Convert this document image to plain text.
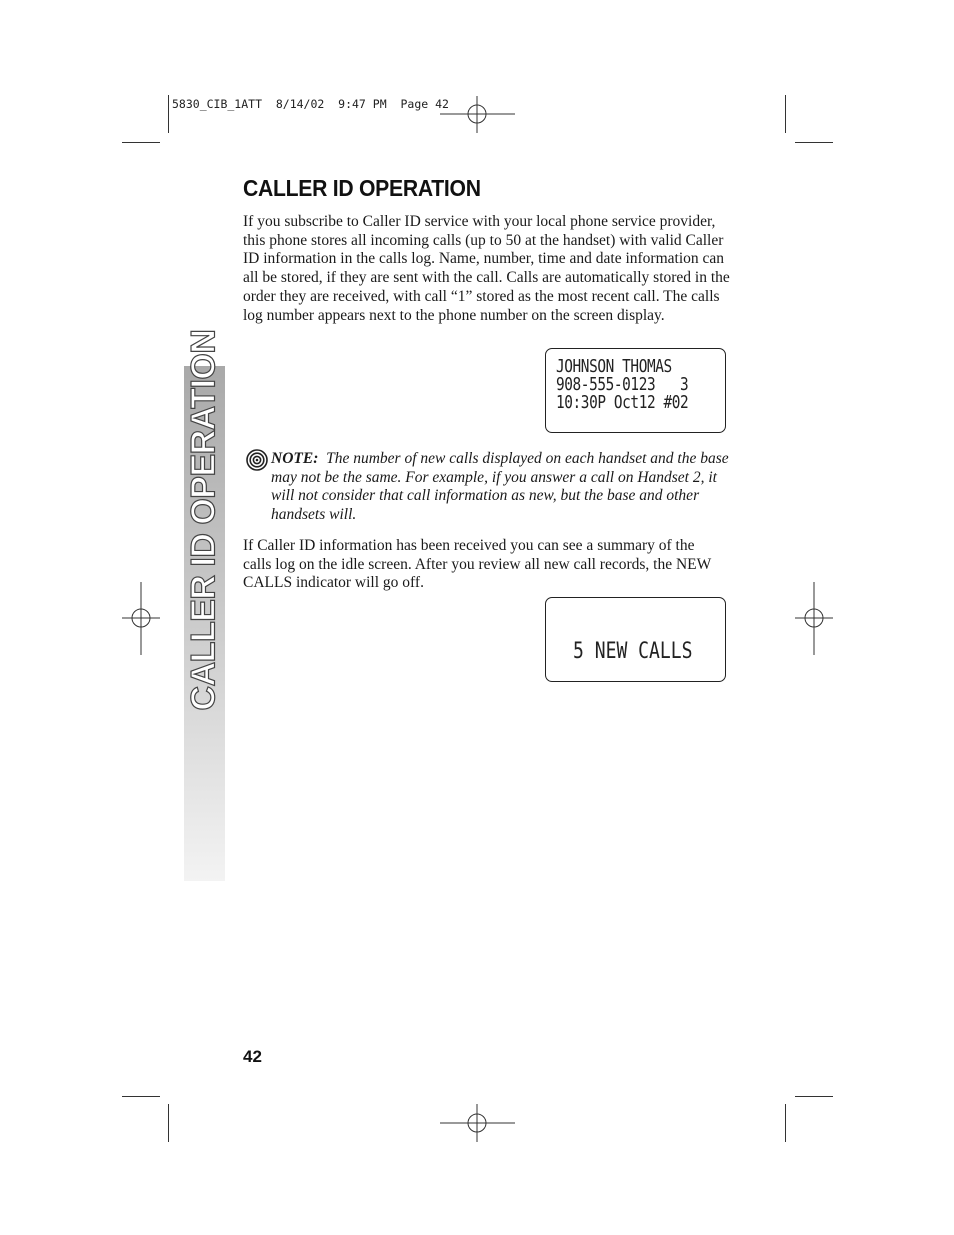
5830_CIB_1ATT  8/14/02  9:47 PM  Page 42
CALLER ID OPERATION
CALLER ID OPERATION
If you subscribe to Caller ID service with your local phone service provider, this phone stores all incoming calls (up to 50 at the handset) with valid Caller ID information in the calls log. Name, number, time and date information can all be stored, if they are sent with the call. Calls are automatically stored in the order they are received, with call “1” stored as the most recent call. The calls log number appears next to the phone number on the screen display.
JOHNSON THOMAS
908-555-0123   3
10:30P Oct12 #02
NOTE: The number of new calls displayed on each handset and the base may not be the same. For example, if you answer a call on Handset 2, it will not consider that call information as new, but the base and other handsets will.
If Caller ID information has been received you can see a summary of the calls log on the idle screen. After you review all new call records, the NEW CALLS indicator will go off.
5 NEW CALLS
42
